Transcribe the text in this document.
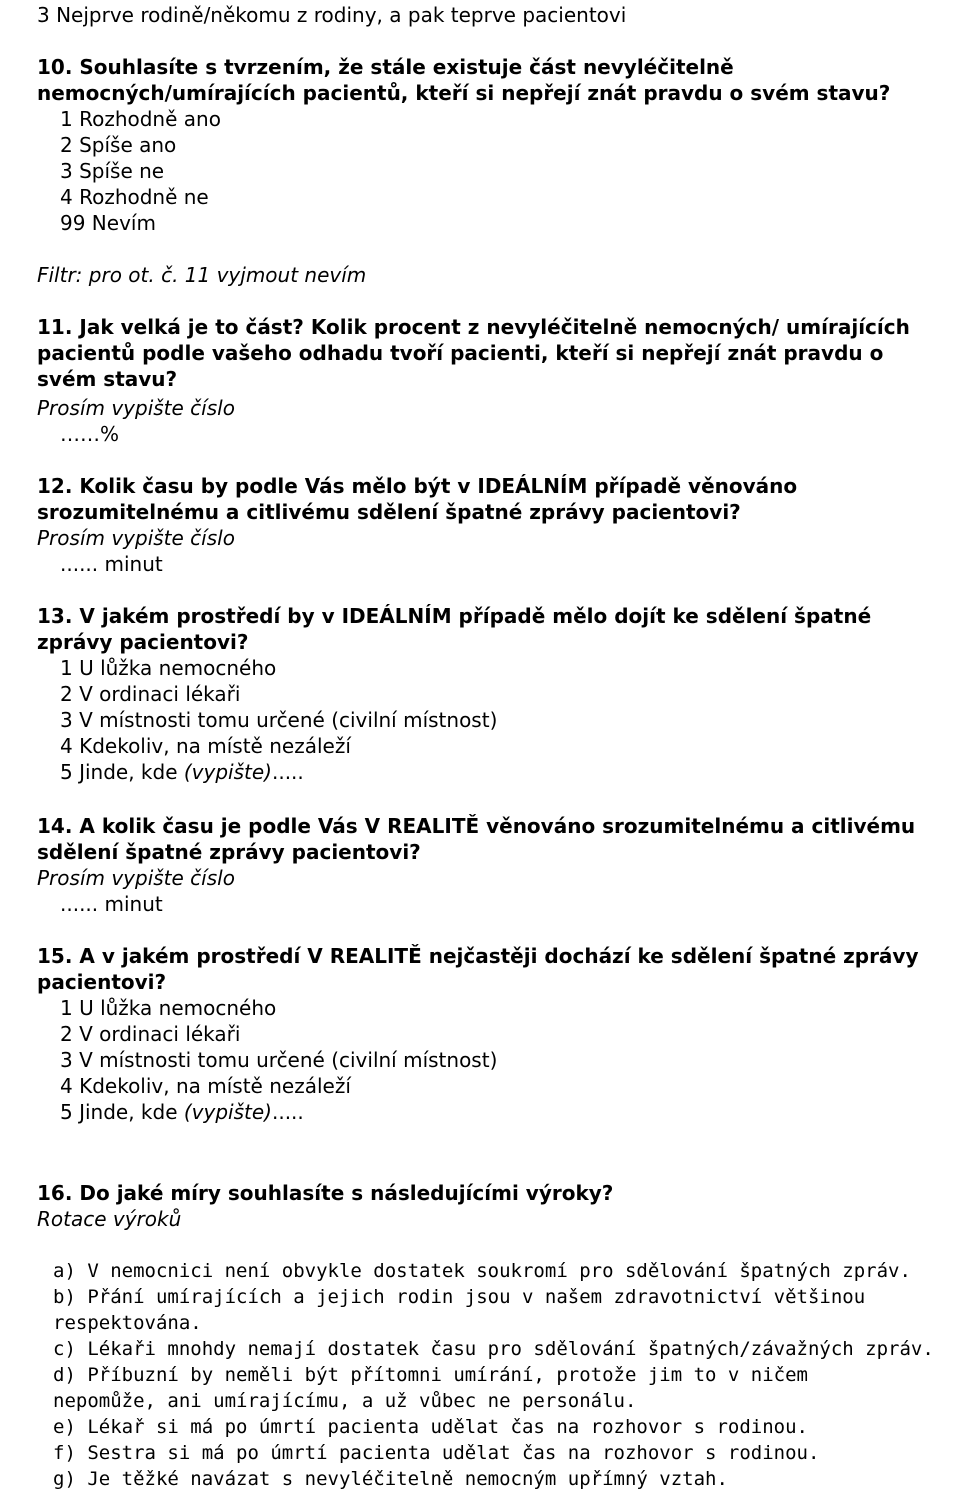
3 Nejprve rodině/někomu z rodiny, a pak teprve pacientovi
10. Souhlasíte s tvrzením, že stále existuje část nevyléčitelně
nemocných/umírajících pacientů, kteří si nepřejí znát pravdu o svém stavu?
1 Rozhodně ano
2 Spíše ano
3 Spíše ne
4 Rozhodně ne
99 Nevím
Filtr: pro ot. č. 11 vyjmout nevím
11. Jak velká je to část? Kolik procent z nevyléčitelně nemocných/ umírajících
pacientů podle vašeho odhadu tvoří pacienti, kteří si nepřejí znát pravdu o
svém stavu?
Prosím vypište číslo
……%
12. Kolik času by podle Vás mělo být v IDEÁLNÍM případě věnováno
srozumitelnému a citlivému sdělení špatné zprávy pacientovi?
Prosím vypište číslo
...... minut
13. V jakém prostředí by v IDEÁLNÍM případě mělo dojít ke sdělení špatné
zprávy pacientovi?
1 U lůžka nemocného
2 V ordinaci lékaři
3 V místnosti tomu určené (civilní místnost)
4 Kdekoliv, na místě nezáleží
5 Jinde, kde (vypište).....
14. A kolik času je podle Vás V REALITĚ věnováno srozumitelnému a citlivému
sdělení špatné zprávy pacientovi?
Prosím vypište číslo
...... minut
15. A v jakém prostředí V REALITĚ nejčastěji dochází ke sdělení špatné zprávy
pacientovi?
1 U lůžka nemocného
2 V ordinaci lékaři
3 V místnosti tomu určené (civilní místnost)
4 Kdekoliv, na místě nezáleží
5 Jinde, kde (vypište).....
16. Do jaké míry souhlasíte s následujícími výroky?
Rotace výroků
a) V nemocnici není obvykle dostatek soukromí pro sdělování špatných zpráv.
b) Přání umírajících a jejich rodin jsou v našem zdravotnictví většinou
respektována.
c) Lékaři mnohdy nemají dostatek času pro sdělování špatných/závažných zpráv.
d) Příbuzní by neměli být přítomni umírání, protože jim to v ničem
nepomůže, ani umírajícímu, a už vůbec ne personálu.
e) Lékař si má po úmrtí pacienta udělat čas na rozhovor s rodinou.
f) Sestra si má po úmrtí pacienta udělat čas na rozhovor s rodinou.
g) Je těžké navázat s nevyléčitelně nemocným upřímný vztah.
